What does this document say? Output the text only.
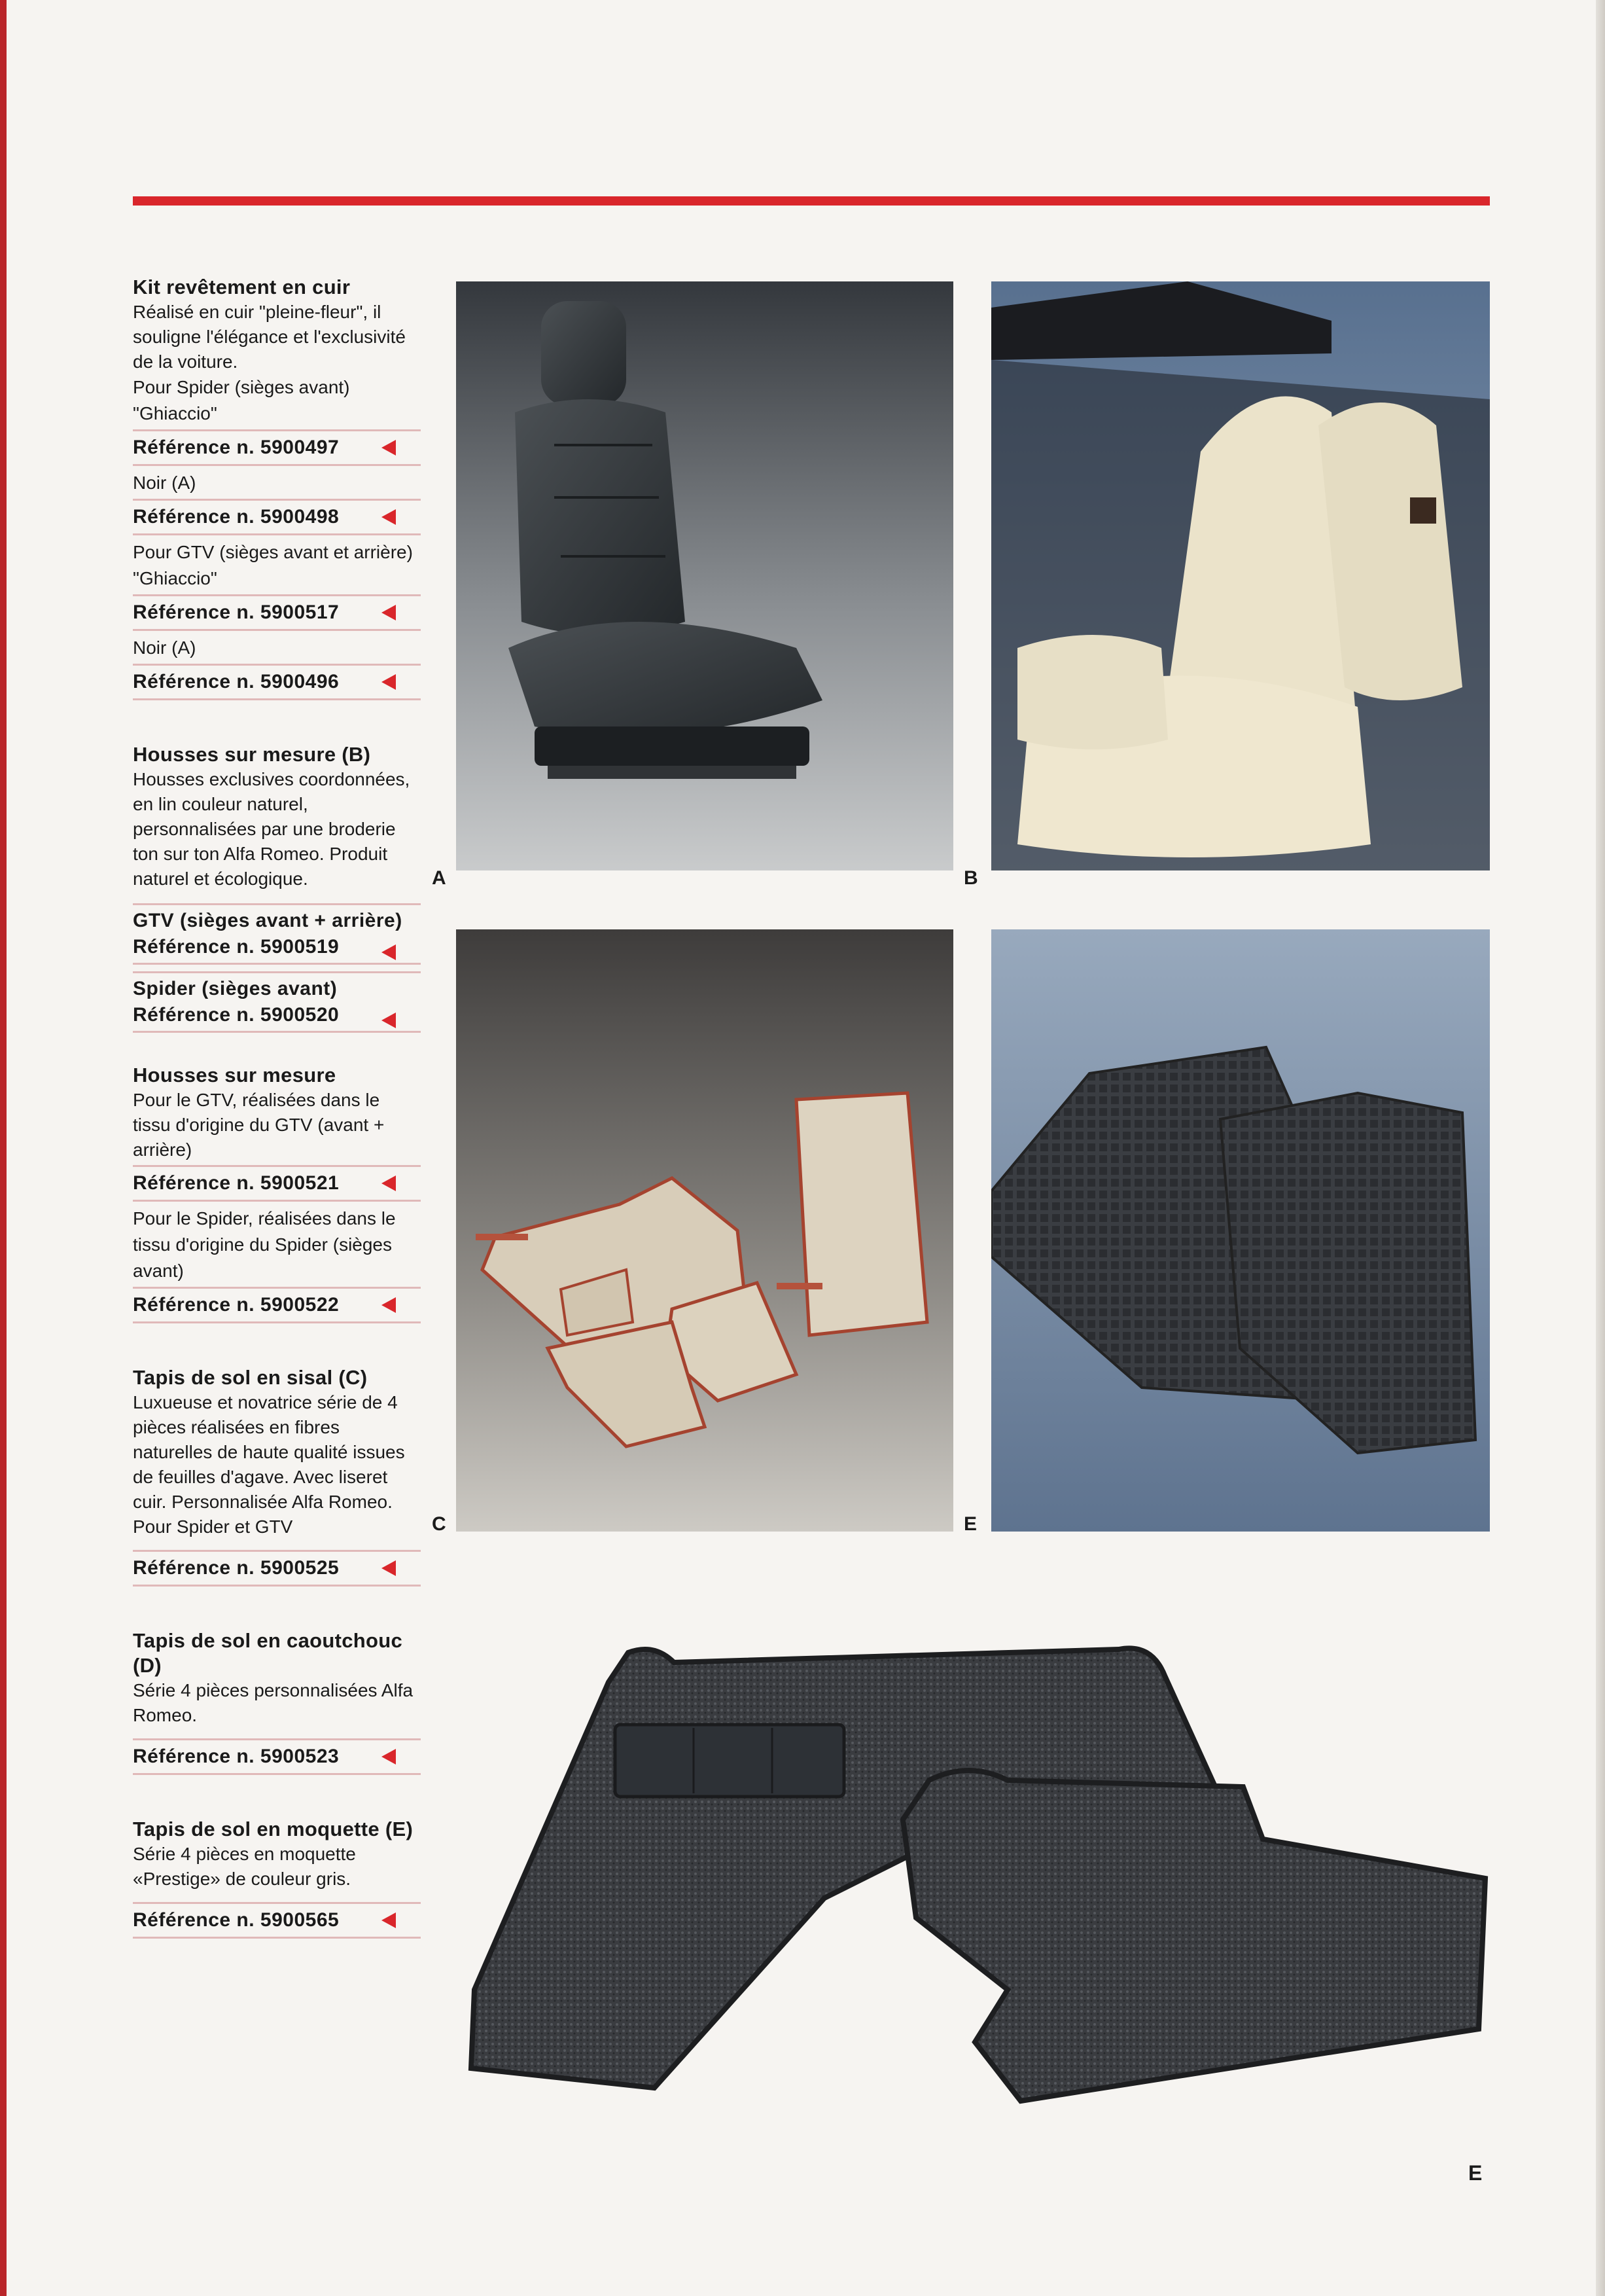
Kit revêtement en cuir
Réalisé en cuir "pleine-fleur", il souligne l'élégance et l'exclusivité de la voiture.
Pour Spider (sièges avant) "Ghiaccio"
Référence n. 5900497
Noir (A)
Référence n. 5900498
Pour GTV (sièges avant et arrière) "Ghiaccio"
Référence n. 5900517
Noir (A)
Référence n. 5900496
Housses sur mesure (B)
Housses exclusives coordonnées, en lin couleur naturel, personnalisées par une broderie ton sur ton Alfa Romeo. Produit naturel et écologique.
GTV (sièges avant + arrière)
Référence n. 5900519
Spider (sièges avant)
Référence n. 5900520
Housses sur mesure
Pour le GTV, réalisées dans le tissu d'origine du GTV (avant + arrière)
Référence n. 5900521
Pour le Spider, réalisées dans le tissu d'origine du Spider (sièges avant)
Référence n. 5900522
Tapis de sol en sisal (C)
Luxueuse et novatrice série de 4 pièces réalisées en fibres naturelles de haute qualité issues de feuilles d'agave. Avec liseret cuir. Personnalisée Alfa Romeo. Pour Spider et GTV
Référence n. 5900525
Tapis de sol en caoutchouc (D)
Série 4 pièces personnalisées Alfa Romeo.
Référence n. 5900523
Tapis de sol en moquette (E)
Série 4 pièces en moquette «Prestige» de couleur gris.
Référence n. 5900565
A	B
C	E
E
